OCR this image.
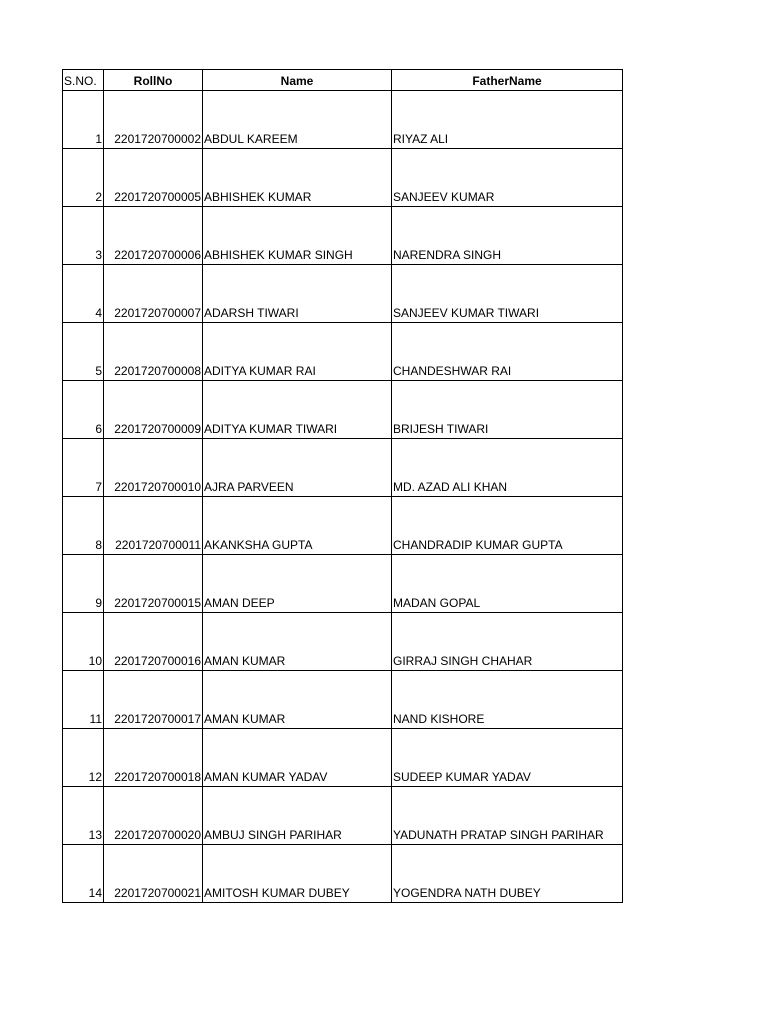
S.NO.	RollNo	Name	FatherName
1	2201720700002	ABDUL KAREEM	RIYAZ ALI
2	2201720700005	ABHISHEK KUMAR	SANJEEV KUMAR
3	2201720700006	ABHISHEK KUMAR SINGH	NARENDRA SINGH
4	2201720700007	ADARSH TIWARI	SANJEEV KUMAR TIWARI
5	2201720700008	ADITYA KUMAR RAI	CHANDESHWAR RAI
6	2201720700009	ADITYA KUMAR TIWARI	BRIJESH TIWARI
7	2201720700010	AJRA PARVEEN	MD. AZAD ALI KHAN
8	2201720700011	AKANKSHA GUPTA	CHANDRADIP KUMAR GUPTA
9	2201720700015	AMAN DEEP	MADAN GOPAL
10	2201720700016	AMAN KUMAR	GIRRAJ SINGH CHAHAR
11	2201720700017	AMAN KUMAR	NAND KISHORE
12	2201720700018	AMAN KUMAR YADAV	SUDEEP KUMAR YADAV
13	2201720700020	AMBUJ SINGH PARIHAR	YADUNATH PRATAP SINGH PARIHAR
14	2201720700021	AMITOSH KUMAR DUBEY	YOGENDRA NATH DUBEY
